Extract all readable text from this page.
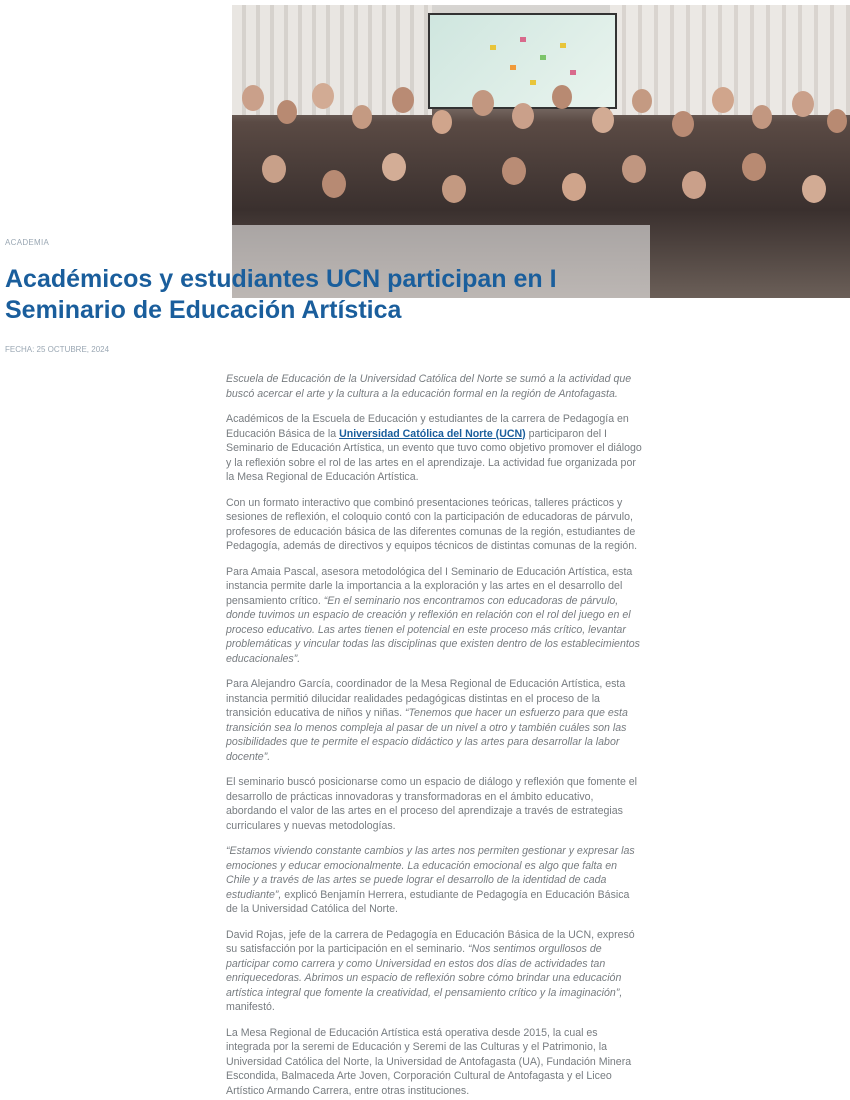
ACADEMIA
Académicos y estudiantes UCN participan en I Seminario de Educación Artística
FECHA: 25 OCTUBRE, 2024

Escuela de Educación de la Universidad Católica del Norte se sumó a la actividad que buscó acercar el arte y la cultura a la educación formal en la región de Antofagasta.

Académicos de la Escuela de Educación y estudiantes de la carrera de Pedagogía en Educación Básica de la Universidad Católica del Norte (UCN) participaron del I Seminario de Educación Artística, un evento que tuvo como objetivo promover el diálogo y la reflexión sobre el rol de las artes en el aprendizaje. La actividad fue organizada por la Mesa Regional de Educación Artística.

Con un formato interactivo que combinó presentaciones teóricas, talleres prácticos y sesiones de reflexión, el coloquio contó con la participación de educadoras de párvulo, profesores de educación básica de las diferentes comunas de la región, estudiantes de Pedagogía, además de directivos y equipos técnicos de distintas comunas de la región.

Para Amaia Pascal, asesora metodológica del I Seminario de Educación Artística, esta instancia permite darle la importancia a la exploración y las artes en el desarrollo del pensamiento crítico. “En el seminario nos encontramos con educadoras de párvulo, donde tuvimos un espacio de creación y reflexión en relación con el rol del juego en el proceso educativo. Las artes tienen el potencial en este proceso más crítico, levantar problemáticas y vincular todas las disciplinas que existen dentro de los establecimientos educacionales”.

Para Alejandro García, coordinador de la Mesa Regional de Educación Artística, esta instancia permitió dilucidar realidades pedagógicas distintas en el proceso de la transición educativa de niños y niñas. “Tenemos que hacer un esfuerzo para que esta transición sea lo menos compleja al pasar de un nivel a otro y también cuáles son las posibilidades que te permite el espacio didáctico y las artes para desarrollar la labor docente”.

El seminario buscó posicionarse como un espacio de diálogo y reflexión que fomente el desarrollo de prácticas innovadoras y transformadoras en el ámbito educativo, abordando el valor de las artes en el proceso del aprendizaje a través de estrategias curriculares y nuevas metodologías.

“Estamos viviendo constante cambios y las artes nos permiten gestionar y expresar las emociones y educar emocionalmente. La educación emocional es algo que falta en Chile y a través de las artes se puede lograr el desarrollo de la identidad de cada estudiante”, explicó Benjamín Herrera, estudiante de Pedagogía en Educación Básica de la Universidad Católica del Norte.

David Rojas, jefe de la carrera de Pedagogía en Educación Básica de la UCN, expresó su satisfacción por la participación en el seminario. “Nos sentimos orgullosos de participar como carrera y como Universidad en estos dos días de actividades tan enriquecedoras. Abrimos un espacio de reflexión sobre cómo brindar una educación artística integral que fomente la creatividad, el pensamiento crítico y la imaginación”, manifestó.

La Mesa Regional de Educación Artística está operativa desde 2015, la cual es integrada por la seremi de Educación y Seremi de las Culturas y el Patrimonio, la Universidad Católica del Norte, la Universidad de Antofagasta (UA), Fundación Minera Escondida, Balmaceda Arte Joven, Corporación Cultural de Antofagasta y el Liceo Artístico Armando Carrera, entre otras instituciones.
